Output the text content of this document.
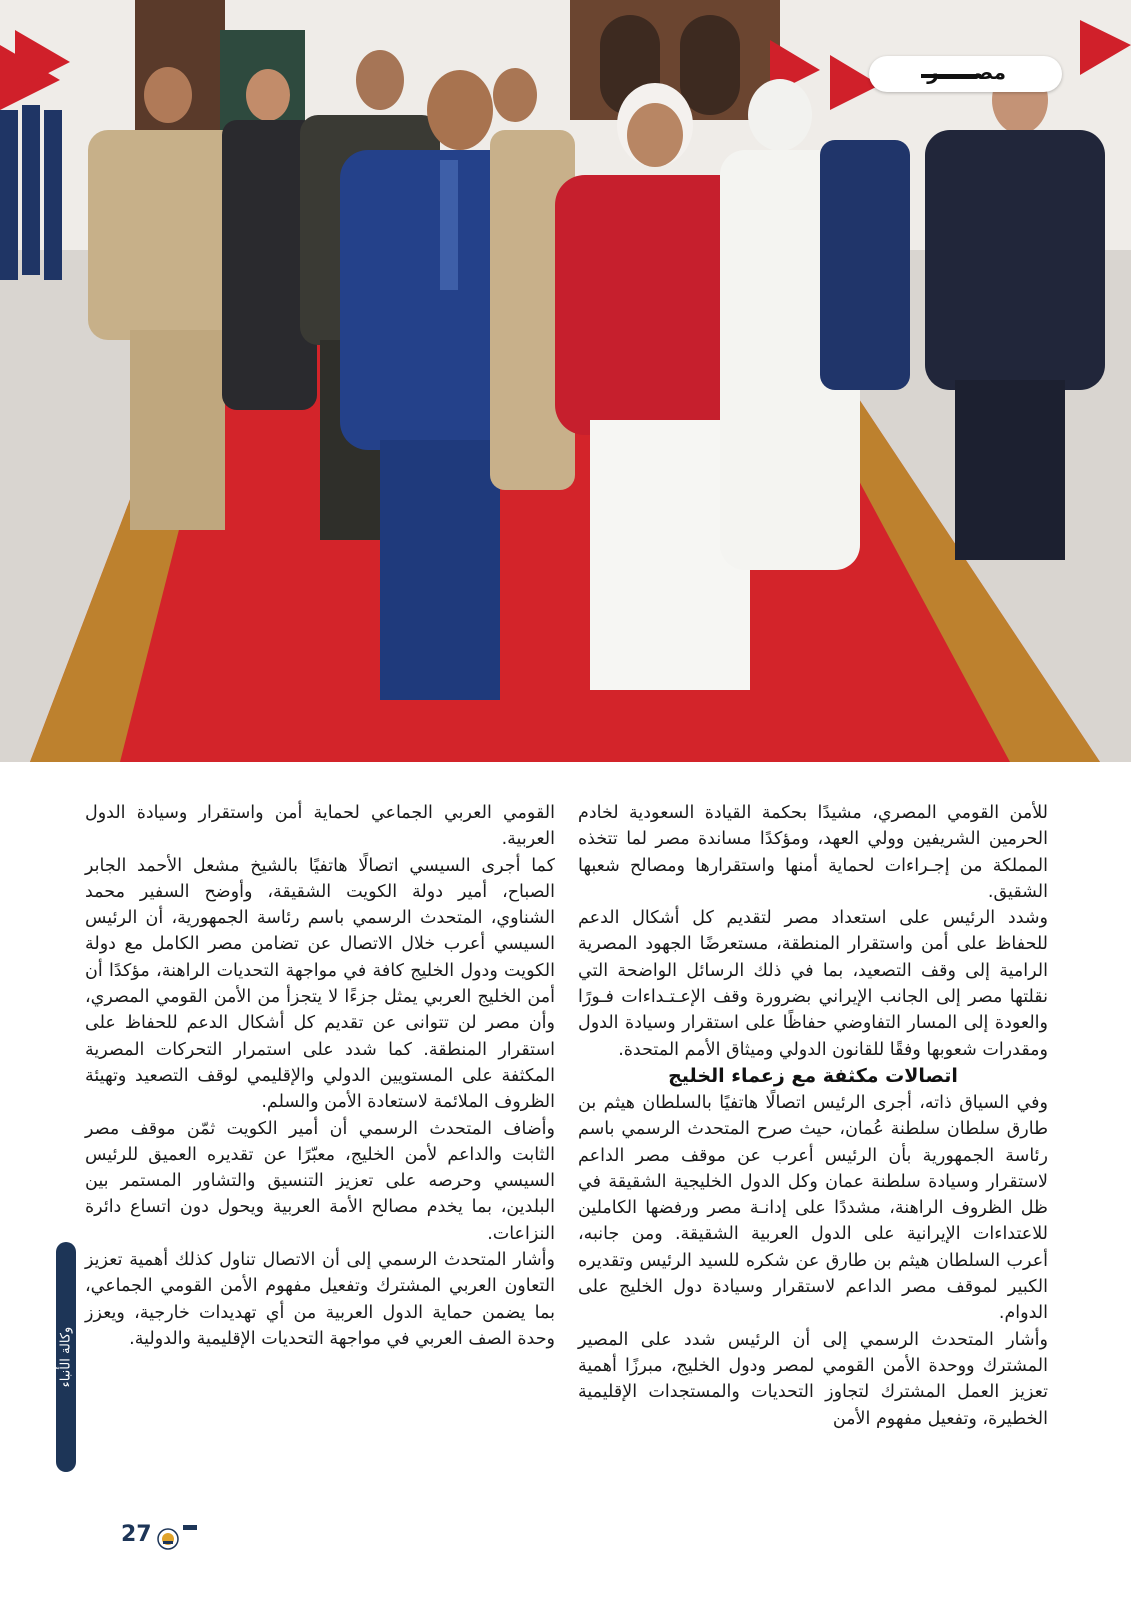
مصـــــر

للأمن القومي المصري، مشيدًا بحكمة القيادة السعودية لخادم الحرمين الشريفين وولي العهد، ومؤكدًا مساندة مصر لما تتخذه المملكة من إجـراءات لحماية أمنها واستقرارها ومصالح شعبها الشقيق.

وشدد الرئيس على استعداد مصر لتقديم كل أشكال الدعم للحفاظ على أمن واستقرار المنطقة، مستعرضًا الجهود المصرية الرامية إلى وقف التصعيد، بما في ذلك الرسائل الواضحة التي نقلتها مصر إلى الجانب الإيراني بضرورة وقف الإعـتـداءات فـورًا والعودة إلى المسار التفاوضي حفاظًا على استقرار وسيادة الدول ومقدرات شعوبها وفقًا للقانون الدولي وميثاق الأمم المتحدة.

اتصالات مكثفة مع زعماء الخليج

وفي السياق ذاته، أجرى الرئيس اتصالًا هاتفيًا بالسلطان هيثم بن طارق سلطان سلطنة عُمان، حيث صرح المتحدث الرسمي باسم رئاسة الجمهورية بأن الرئيس أعرب عن موقف مصر الداعم لاستقرار وسيادة سلطنة عمان وكل الدول الخليجية الشقيقة في ظل الظروف الراهنة، مشددًا على إدانـة مصر ورفضها الكاملين للاعتداءات الإيرانية على الدول العربية الشقيقة. ومن جانبه، أعرب السلطان هيثم بن طارق عن شكره للسيد الرئيس وتقديره الكبير لموقف مصر الداعم لاستقرار وسيادة دول الخليج على الدوام.

وأشار المتحدث الرسمي إلى أن الرئيس شدد على المصير المشترك ووحدة الأمن القومي لمصر ودول الخليج، مبرزًا أهمية تعزيز العمل المشترك لتجاوز التحديات والمستجدات الإقليمية الخطيرة، وتفعيل مفهوم الأمن

القومي العربي الجماعي لحماية أمن واستقرار وسيادة الدول العربية.

كما أجرى السيسي اتصالًا هاتفيًا بالشيخ مشعل الأحمد الجابر الصباح، أمير دولة الكويت الشقيقة، وأوضح السفير محمد الشناوي، المتحدث الرسمي باسم رئاسة الجمهورية، أن الرئيس السيسي أعرب خلال الاتصال عن تضامن مصر الكامل مع دولة الكويت ودول الخليج كافة في مواجهة التحديات الراهنة، مؤكدًا أن أمن الخليج العربي يمثل جزءًا لا يتجزأ من الأمن القومي المصري، وأن مصر لن تتوانى عن تقديم كل أشكال الدعم للحفاظ على استقرار المنطقة. كما شدد على استمرار التحركات المصرية المكثفة على المستويين الدولي والإقليمي لوقف التصعيد وتهيئة الظروف الملائمة لاستعادة الأمن والسلم.

وأضاف المتحدث الرسمي أن أمير الكويت ثمّن موقف مصر الثابت والداعم لأمن الخليج، معبّرًا عن تقديره العميق للرئيس السيسي وحرصه على تعزيز التنسيق والتشاور المستمر بين البلدين، بما يخدم مصالح الأمة العربية ويحول دون اتساع دائرة النزاعات.

وأشار المتحدث الرسمي إلى أن الاتصال تناول كذلك أهمية تعزيز التعاون العربي المشترك وتفعيل مفهوم الأمن القومي الجماعي، بما يضمن حماية الدول العربية من أي تهديدات خارجية، ويعزز وحدة الصف العربي في مواجهة التحديات الإقليمية والدولية.

وكالة الأنباء
27
